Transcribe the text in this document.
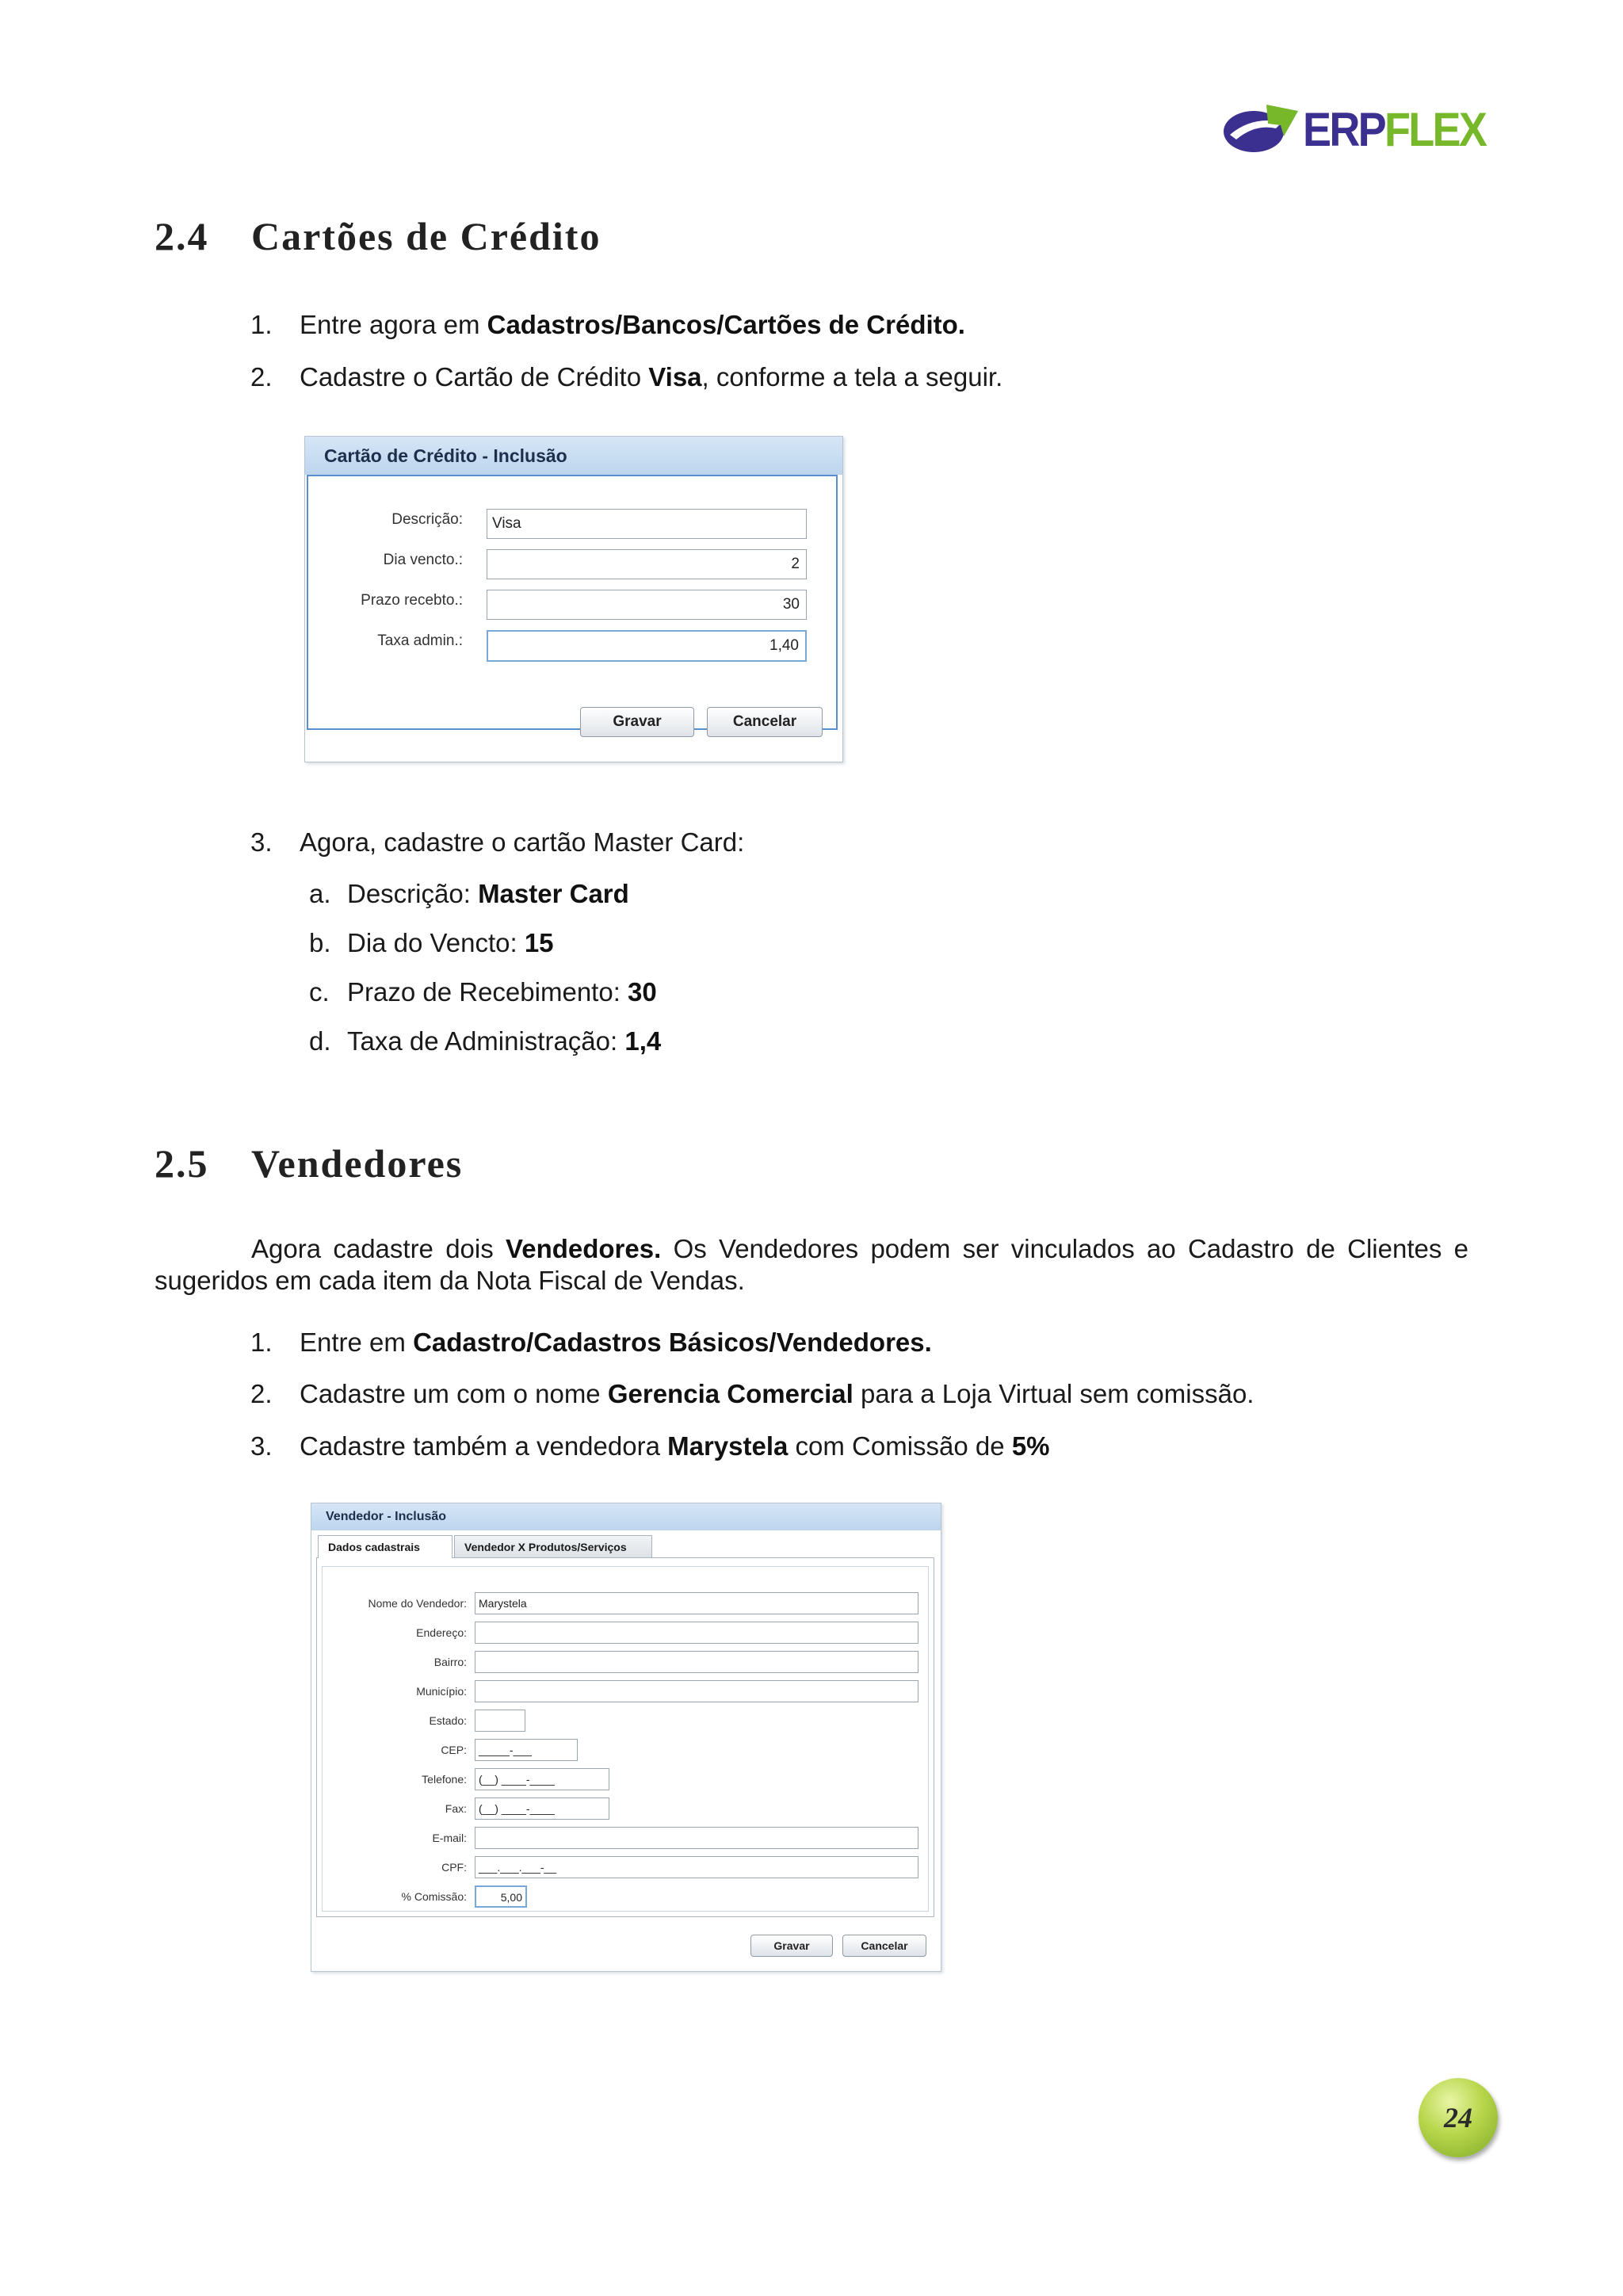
ERPFLEX
2.4 Cartões de Crédito
1.	Entre agora em Cadastros/Bancos/Cartões de Crédito.
2.	Cadastre o Cartão de Crédito Visa, conforme a tela a seguir.
Cartão de Crédito - Inclusão
Descrição:	Visa
Dia vencto.:	2
Prazo recebto.:	30
Taxa admin.:	1,40
Gravar	Cancelar
3.	Agora, cadastre o cartão Master Card:
a. Descrição: Master Card
b. Dia do Vencto: 15
c. Prazo de Recebimento: 30
d. Taxa de Administração: 1,4
2.5 Vendedores
Agora cadastre dois Vendedores. Os Vendedores podem ser vinculados ao Cadastro de Clientes e
sugeridos em cada item da Nota Fiscal de Vendas.
1.	Entre em Cadastro/Cadastros Básicos/Vendedores.
2.	Cadastre um com o nome Gerencia Comercial para a Loja Virtual sem comissão.
3.	Cadastre também a vendedora Marystela com Comissão de 5%
Vendedor - Inclusão
Dados cadastrais	Vendedor X Produtos/Serviços
Nome do Vendedor:	Marystela
Endereço:
Bairro:
Município:
Estado:
CEP:	_____-___
Telefone:	(__) ____-____
Fax:	(__) ____-____
E-mail:
CPF:	___.___.___-__
% Comissão:	5,00
Gravar	Cancelar
24
